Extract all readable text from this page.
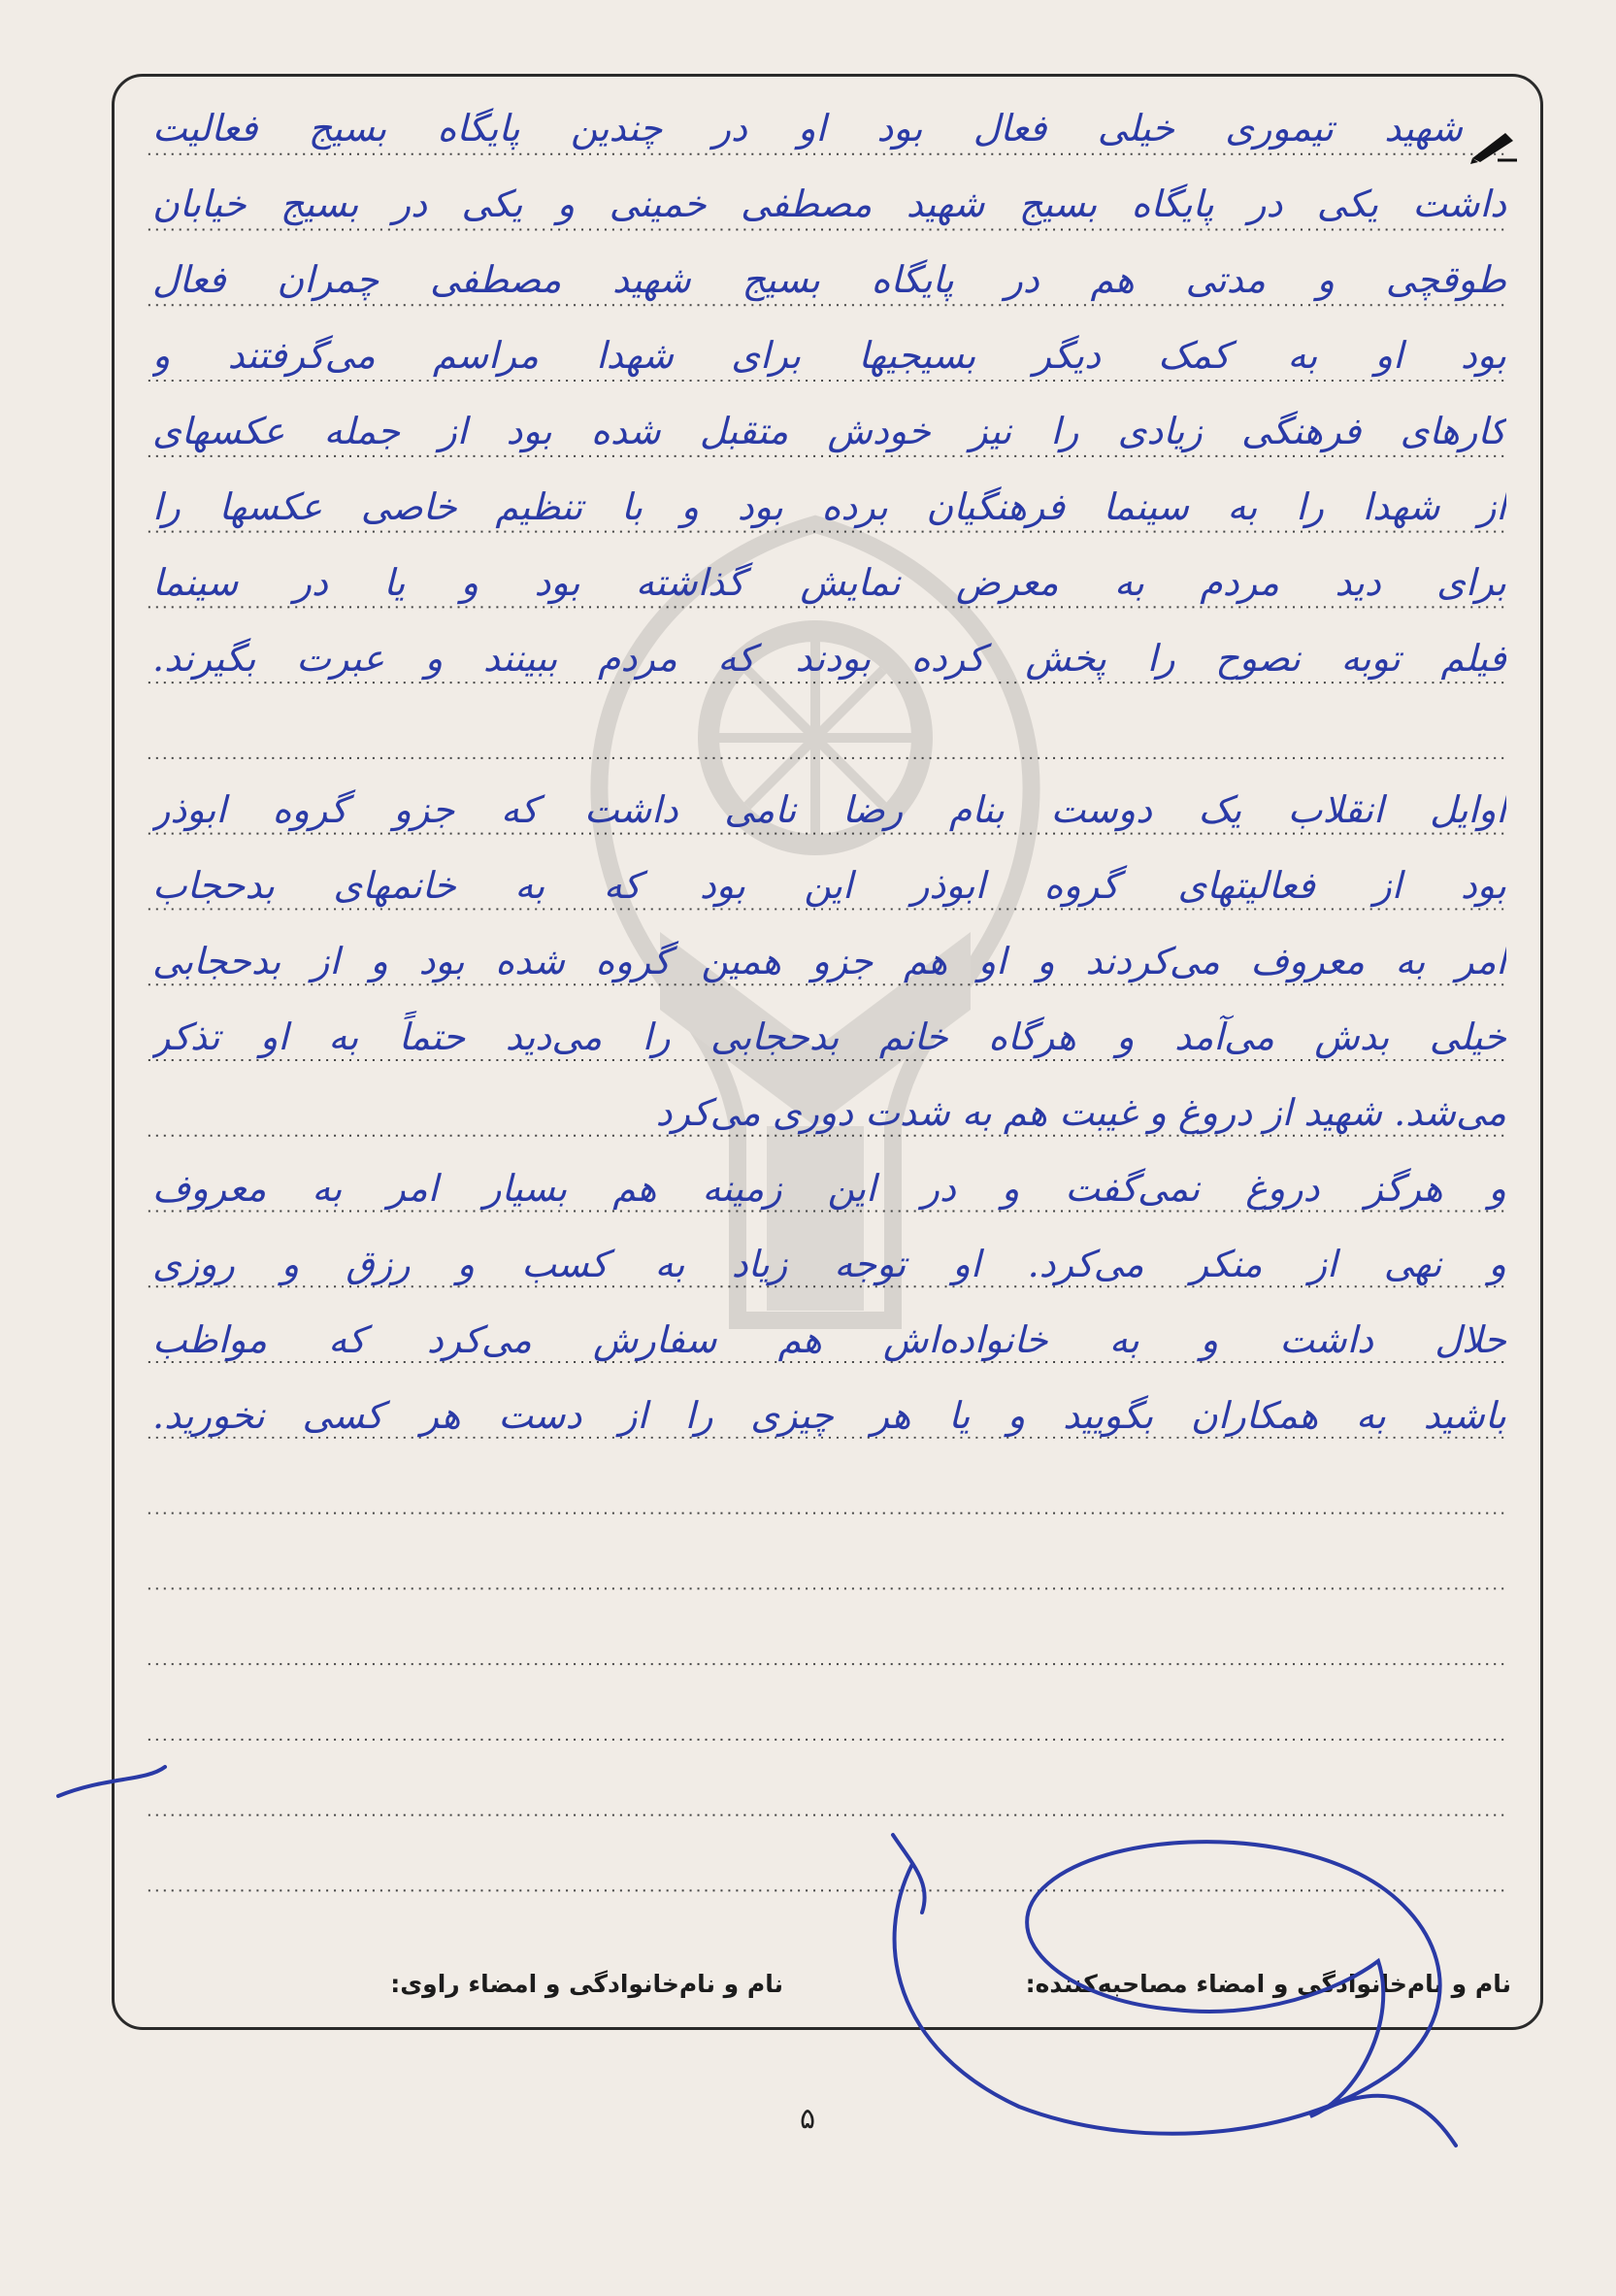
شهید تیموری خیلی فعال بود او در چندین پایگاه بسیج فعالیت
داشت یکی در پایگاه بسیج شهید مصطفی خمینی و یکی در بسیج خیابان
طوقچی و مدتی هم در پایگاه بسیج شهید مصطفی چمران فعال
بود او به کمک دیگر بسیجیها برای شهدا مراسم می‌گرفتند و
کارهای فرهنگی زیادی را نیز خودش متقبل شده بود از جمله عکسهای
از شهدا را به سینما فرهنگیان برده بود و با تنظیم خاصی عکسها را
برای دید مردم به معرض نمایش گذاشته بود و یا در سینما
فیلم توبه نصوح را پخش کرده بودند که مردم ببینند و عبرت بگیرند.
اوایل انقلاب یک دوست بنام رضا نامی داشت که جزو گروه ابوذر
بود از فعالیتهای گروه ابوذر این بود که به خانمهای بدحجاب
امر به معروف می‌کردند و او هم جزو همین گروه شده بود و از بدحجابی
خیلی بدش می‌آمد و هرگاه خانم بدحجابی را می‌دید حتماً به او تذکر
می‌شد. شهید از دروغ و غیبت هم به شدت دوری می‌کرد
و هرگز دروغ نمی‌گفت و در این زمینه هم بسیار امر به معروف
و نهی از منکر می‌کرد. او توجه زیاد به کسب و رزق و روزی
حلال داشت و به خانواده‌اش هم سفارش می‌کرد که مواظب
باشید به همکاران بگویید و یا هر چیزی را از دست هر کسی نخورید.
نام و نام‌خانوادگی و امضاء مصاحبه‌کننده:
نام و نام‌خانوادگی و امضاء راوی:
۵
